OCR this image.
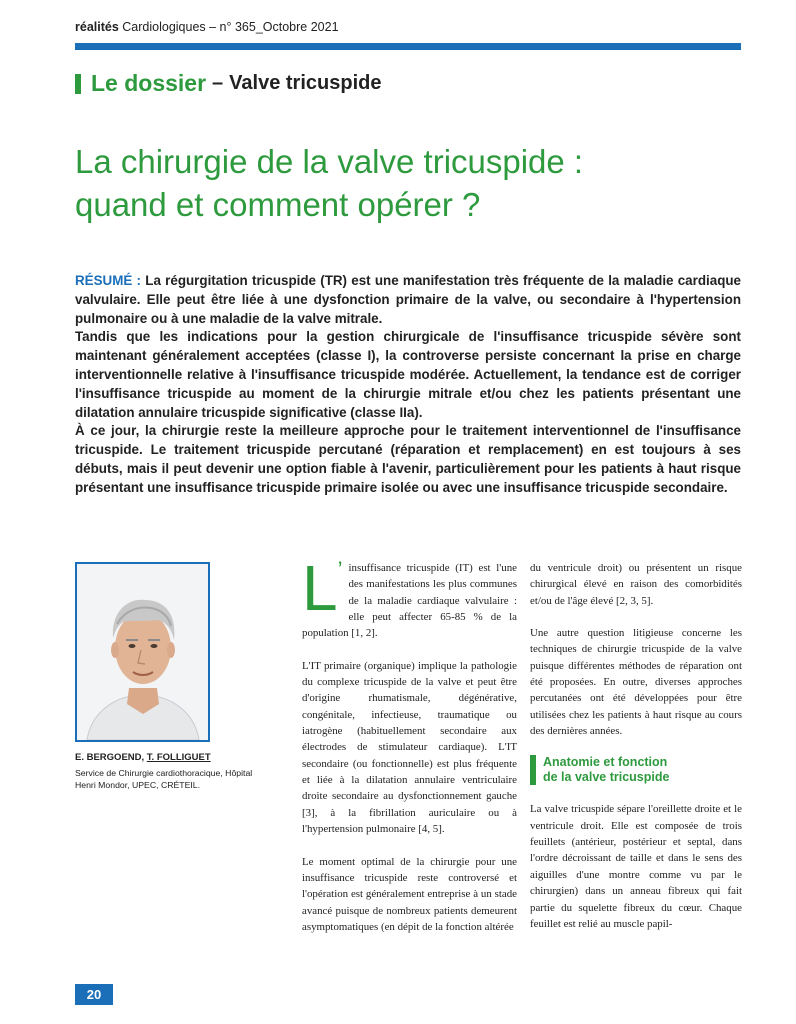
réalités Cardiologiques – n° 365_Octobre 2021
Le dossier – Valve tricuspide
La chirurgie de la valve tricuspide :
quand et comment opérer ?

RÉSUMÉ : La régurgitation tricuspide (TR) est une manifestation très fréquente de la maladie cardiaque valvulaire. Elle peut être liée à une dysfonction primaire de la valve, ou secondaire à l'hypertension pulmonaire ou à une maladie de la valve mitrale.

Tandis que les indications pour la gestion chirurgicale de l'insuffisance tricuspide sévère sont maintenant généralement acceptées (classe I), la controverse persiste concernant la prise en charge interventionnelle relative à l'insuffisance tricuspide modérée. Actuellement, la tendance est de corriger l'insuffisance tricuspide au moment de la chirurgie mitrale et/ou chez les patients présentant une dilatation annulaire tricuspide significative (classe IIa).

À ce jour, la chirurgie reste la meilleure approche pour le traitement interventionnel de l'insuffisance tricuspide. Le traitement tricuspide percutané (réparation et remplacement) en est toujours à ses débuts, mais il peut devenir une option fiable à l'avenir, particulièrement pour les patients à haut risque présentant une insuffisance tricuspide primaire isolée ou avec une insuffisance tricuspide secondaire.

E. BERGOEND, T. FOLLIGUET
Service de Chirurgie cardiothoracique, Hôpital Henri Mondor, UPEC, CRÉTEIL.

L’ insuffisance tricuspide (IT) est l'une des manifestations les plus communes de la maladie cardiaque valvulaire : elle peut affecter 65-85 % de la population [1, 2].

L'IT primaire (organique) implique la pathologie du complexe tricuspide de la valve et peut être d'origine rhumatismale, dégénérative, congénitale, infectieuse, traumatique ou iatrogène (habituellement secondaire aux électrodes de stimulateur cardiaque). L'IT secondaire (ou fonctionnelle) est plus fréquente et liée à la dilatation annulaire ventriculaire droite secondaire au dysfonctionnement gauche [3], à la fibrillation auriculaire ou à l'hypertension pulmonaire [4, 5].

Le moment optimal de la chirurgie pour une insuffisance tricuspide reste controversé et l'opération est généralement entreprise à un stade avancé puisque de nombreux patients demeurent asymptomatiques (en dépit de la fonction altérée

du ventricule droit) ou présentent un risque chirurgical élevé en raison des comorbidités et/ou de l'âge élevé [2, 3, 5].

Une autre question litigieuse concerne les techniques de chirurgie tricuspide de la valve puisque différentes méthodes de réparation ont été proposées. En outre, diverses approches percutanées ont été développées pour être utilisées chez les patients à haut risque au cours des dernières années.

Anatomie et fonction
de la valve tricuspide

La valve tricuspide sépare l'oreillette droite et le ventricule droit. Elle est composée de trois feuillets (antérieur, postérieur et septal, dans l'ordre décroissant de taille et dans le sens des aiguilles d'une montre comme vu par le chirurgien) dans un anneau fibreux qui fait partie du squelette fibreux du cœur. Chaque feuillet est relié au muscle papil-

20
